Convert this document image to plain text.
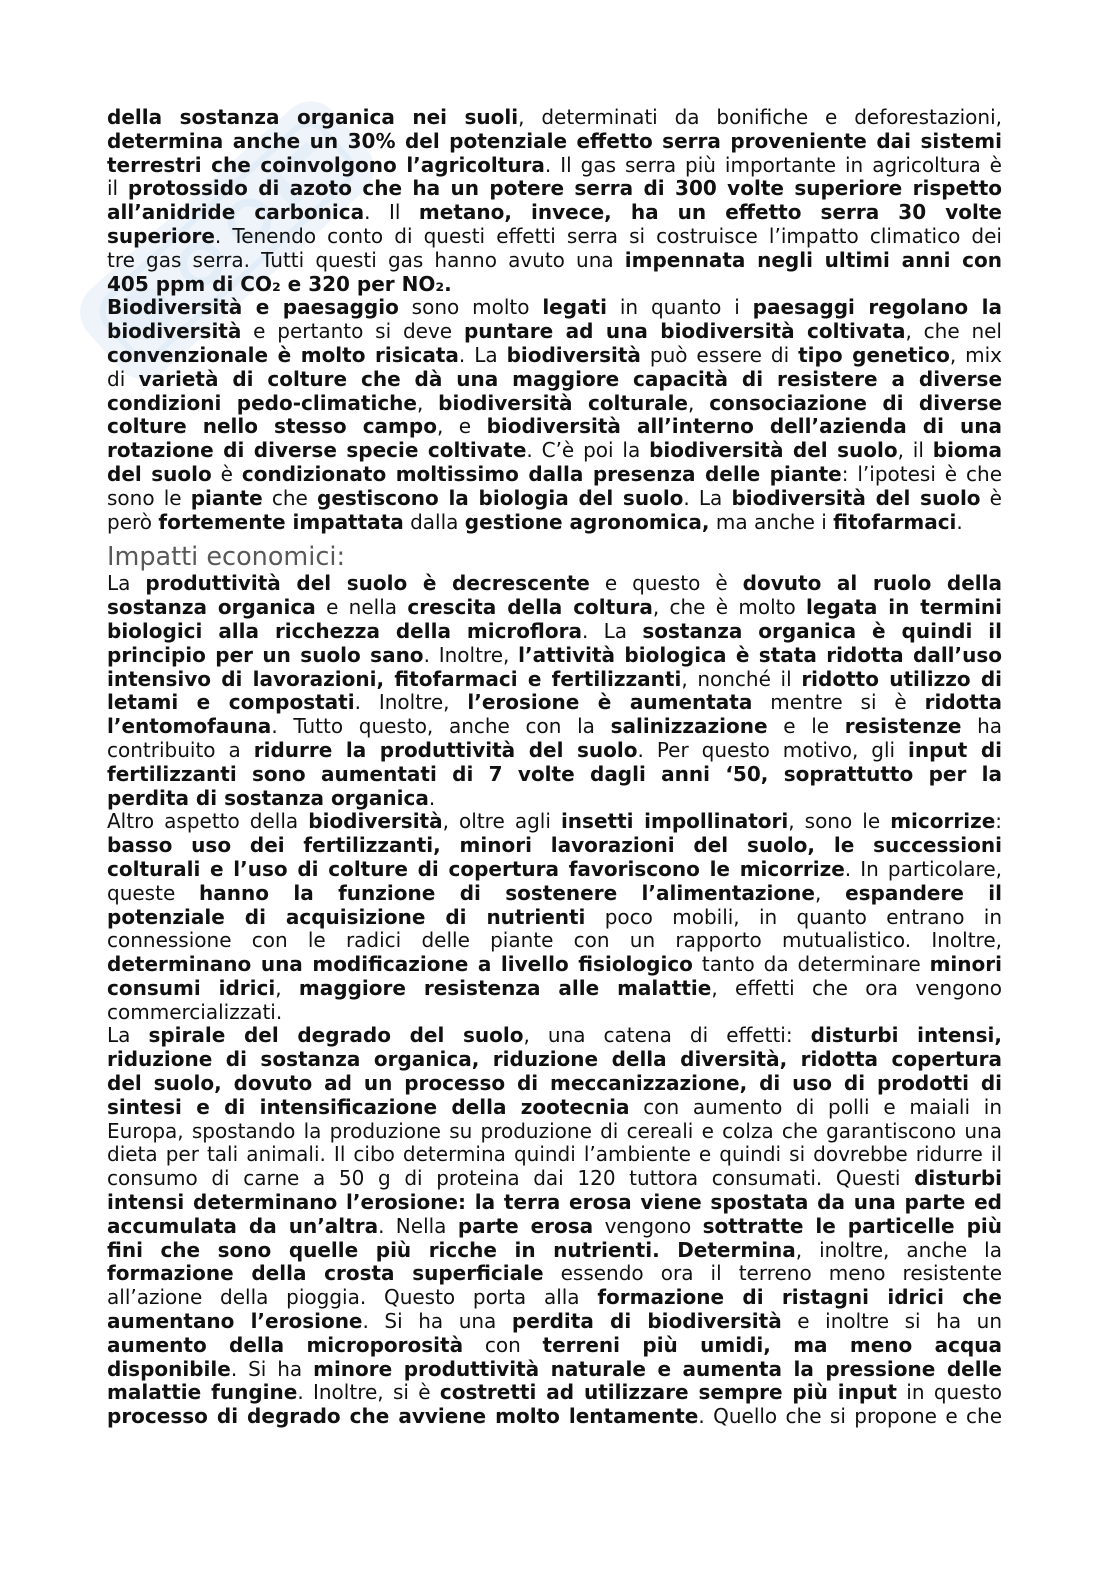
della sostanza organica nei suoli, determinati da bonifiche e deforestazioni,
determina anche un 30% del potenziale effetto serra proveniente dai sistemi
terrestri che coinvolgono l’agricoltura. Il gas serra più importante in agricoltura è
il protossido di azoto che ha un potere serra di 300 volte superiore rispetto
all’anidride carbonica. Il metano, invece, ha un effetto serra 30 volte
superiore. Tenendo conto di questi effetti serra si costruisce l’impatto climatico dei
tre gas serra. Tutti questi gas hanno avuto una impennata negli ultimi anni con
405 ppm di CO₂ e 320 per NO₂.
Biodiversità e paesaggio sono molto legati in quanto i paesaggi regolano la
biodiversità e pertanto si deve puntare ad una biodiversità coltivata, che nel
convenzionale è molto risicata. La biodiversità può essere di tipo genetico, mix
di varietà di colture che dà una maggiore capacità di resistere a diverse
condizioni pedo-climatiche, biodiversità colturale, consociazione di diverse
colture nello stesso campo, e biodiversità all’interno dell’azienda di una
rotazione di diverse specie coltivate. C’è poi la biodiversità del suolo, il bioma
del suolo è condizionato moltissimo dalla presenza delle piante: l’ipotesi è che
sono le piante che gestiscono la biologia del suolo. La biodiversità del suolo è
però fortemente impattata dalla gestione agronomica, ma anche i fitofarmaci.
Impatti economici:
La produttività del suolo è decrescente e questo è dovuto al ruolo della
sostanza organica e nella crescita della coltura, che è molto legata in termini
biologici alla ricchezza della microflora. La sostanza organica è quindi il
principio per un suolo sano. Inoltre, l’attività biologica è stata ridotta dall’uso
intensivo di lavorazioni, fitofarmaci e fertilizzanti, nonché il ridotto utilizzo di
letami e compostati. Inoltre, l’erosione è aumentata mentre si è ridotta
l’entomofauna. Tutto questo, anche con la salinizzazione e le resistenze ha
contribuito a ridurre la produttività del suolo. Per questo motivo, gli input di
fertilizzanti sono aumentati di 7 volte dagli anni ‘50, soprattutto per la
perdita di sostanza organica.
Altro aspetto della biodiversità, oltre agli insetti impollinatori, sono le micorrize:
basso uso dei fertilizzanti, minori lavorazioni del suolo, le successioni
colturali e l’uso di colture di copertura favoriscono le micorrize. In particolare,
queste hanno la funzione di sostenere l’alimentazione, espandere il
potenziale di acquisizione di nutrienti poco mobili, in quanto entrano in
connessione con le radici delle piante con un rapporto mutualistico. Inoltre,
determinano una modificazione a livello fisiologico tanto da determinare minori
consumi idrici, maggiore resistenza alle malattie, effetti che ora vengono
commercializzati.
La spirale del degrado del suolo, una catena di effetti: disturbi intensi,
riduzione di sostanza organica, riduzione della diversità, ridotta copertura
del suolo, dovuto ad un processo di meccanizzazione, di uso di prodotti di
sintesi e di intensificazione della zootecnia con aumento di polli e maiali in
Europa, spostando la produzione su produzione di cereali e colza che garantiscono una
dieta per tali animali. Il cibo determina quindi l’ambiente e quindi si dovrebbe ridurre il
consumo di carne a 50 g di proteina dai 120 tuttora consumati. Questi disturbi
intensi determinano l’erosione: la terra erosa viene spostata da una parte ed
accumulata da un’altra. Nella parte erosa vengono sottratte le particelle più
fini che sono quelle più ricche in nutrienti. Determina, inoltre, anche la
formazione della crosta superficiale essendo ora il terreno meno resistente
all’azione della pioggia. Questo porta alla formazione di ristagni idrici che
aumentano l’erosione. Si ha una perdita di biodiversità e inoltre si ha un
aumento della microporosità con terreni più umidi, ma meno acqua
disponibile. Si ha minore produttività naturale e aumenta la pressione delle
malattie fungine. Inoltre, si è costretti ad utilizzare sempre più input in questo
processo di degrado che avviene molto lentamente. Quello che si propone e che
